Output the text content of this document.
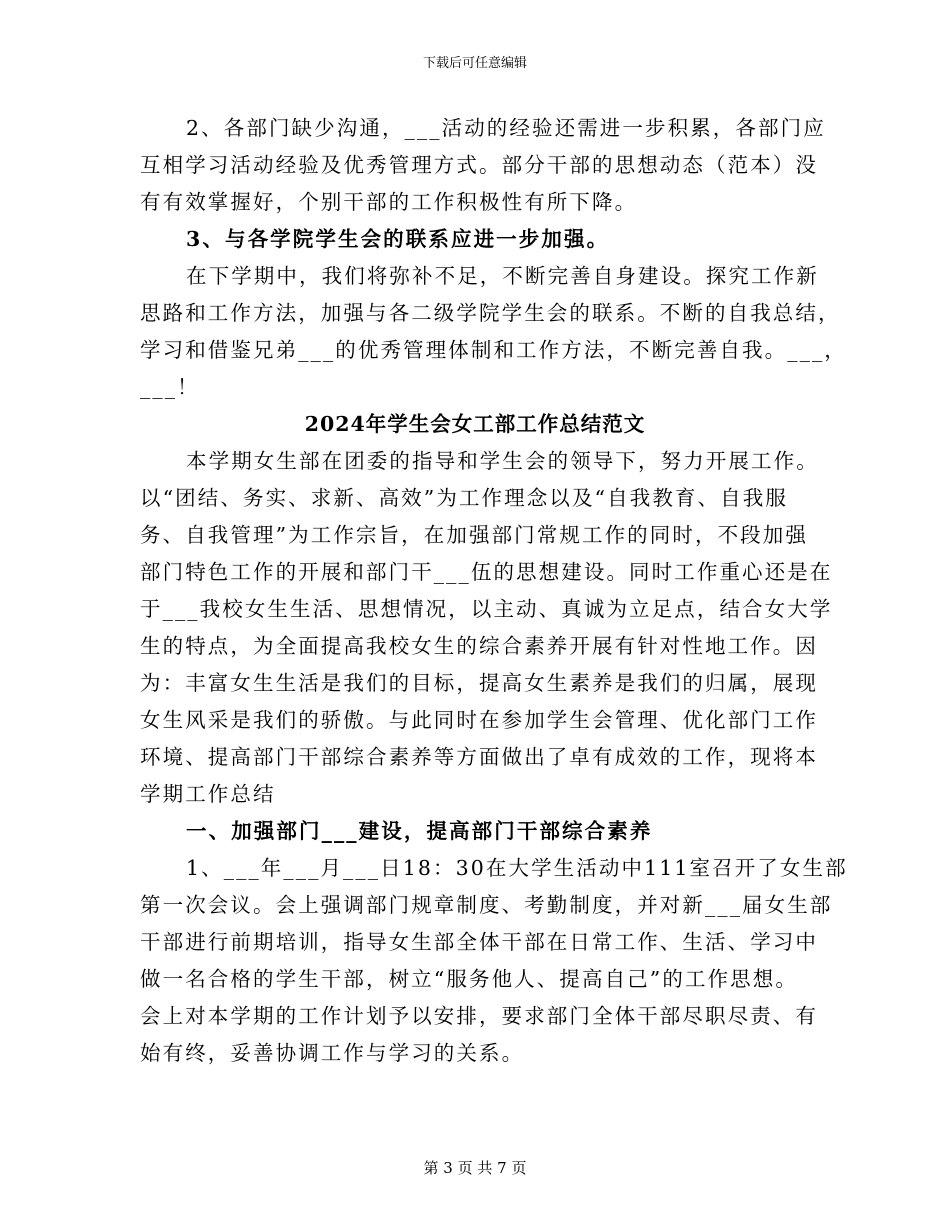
下载后可任意编辑
2、各部门缺少沟通，___活动的经验还需进一步积累，各部门应
互相学习活动经验及优秀管理方式。部分干部的思想动态（范本）没
有有效掌握好，个别干部的工作积极性有所下降。
3、与各学院学生会的联系应进一步加强。
在下学期中，我们将弥补不足，不断完善自身建设。探究工作新
思路和工作方法，加强与各二级学院学生会的联系。不断的自我总结，
学习和借鉴兄弟___的优秀管理体制和工作方法，不断完善自我。___，
___！
2024年学生会女工部工作总结范文
本学期女生部在团委的指导和学生会的领导下，努力开展工作。
以“团结、务实、求新、高效”为工作理念以及“自我教育、自我服
务、自我管理”为工作宗旨，在加强部门常规工作的同时，不段加强
部门特色工作的开展和部门干___伍的思想建设。同时工作重心还是在
于___我校女生生活、思想情况，以主动、真诚为立足点，结合女大学
生的特点，为全面提高我校女生的综合素养开展有针对性地工作。因
为：丰富女生生活是我们的目标，提高女生素养是我们的归属，展现
女生风采是我们的骄傲。与此同时在参加学生会管理、优化部门工作
环境、提高部门干部综合素养等方面做出了卓有成效的工作，现将本
学期工作总结
一、加强部门___建设，提高部门干部综合素养
1、___年___月___日18：30在大学生活动中111室召开了女生部
第一次会议。会上强调部门规章制度、考勤制度，并对新___届女生部
干部进行前期培训，指导女生部全体干部在日常工作、生活、学习中
做一名合格的学生干部，树立“服务他人、提高自己”的工作思想。
会上对本学期的工作计划予以安排，要求部门全体干部尽职尽责、有
始有终，妥善协调工作与学习的关系。
第 3 页 共 7 页
